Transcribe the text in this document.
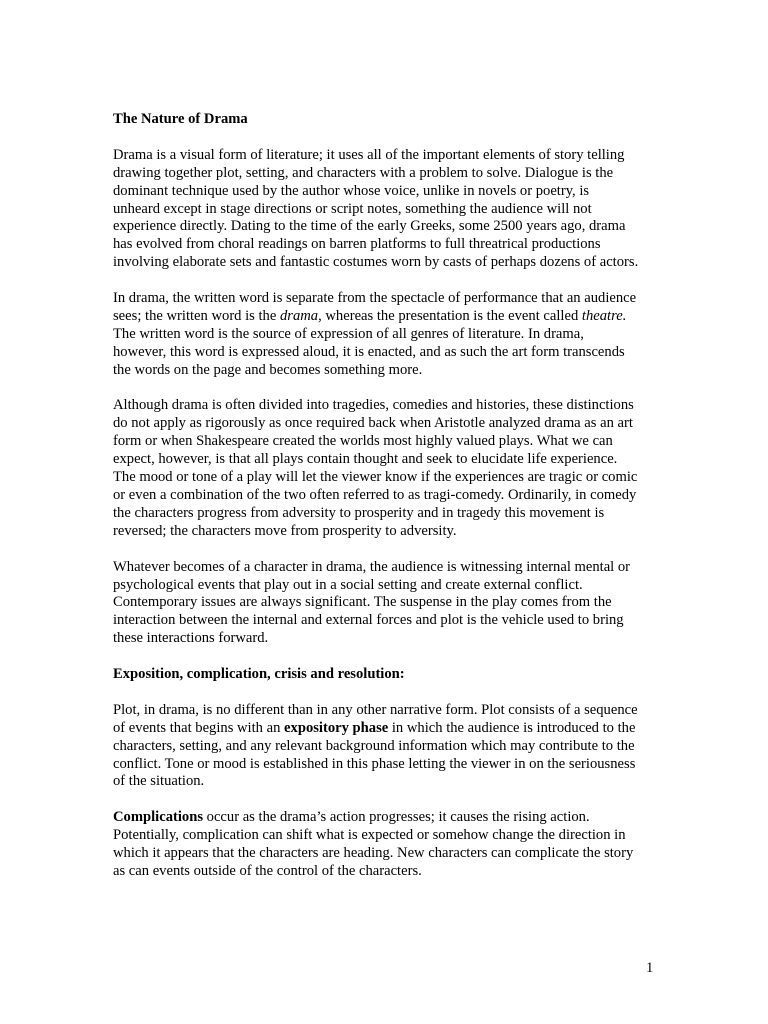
The Nature of Drama

Drama is a visual form of literature; it uses all of the important elements of story telling
drawing together plot, setting, and characters with a problem to solve. Dialogue is the
dominant technique used by the author whose voice, unlike in novels or poetry, is
unheard except in stage directions or script notes, something the audience will not
experience directly. Dating to the time of the early Greeks, some 2500 years ago, drama
has evolved from choral readings on barren platforms to full threatrical productions
involving elaborate sets and fantastic costumes worn by casts of perhaps dozens of actors.

In drama, the written word is separate from the spectacle of performance that an audience
sees; the written word is the drama, whereas the presentation is the event called theatre.
The written word is the source of expression of all genres of literature. In drama,
however, this word is expressed aloud, it is enacted, and as such the art form transcends
the words on the page and becomes something more.

Although drama is often divided into tragedies, comedies and histories, these distinctions
do not apply as rigorously as once required back when Aristotle analyzed drama as an art
form or when Shakespeare created the worlds most highly valued plays. What we can
expect, however, is that all plays contain thought and seek to elucidate life experience.
The mood or tone of a play will let the viewer know if the experiences are tragic or comic
or even a combination of the two often referred to as tragi-comedy. Ordinarily, in comedy
the characters progress from adversity to prosperity and in tragedy this movement is
reversed; the characters move from prosperity to adversity.

Whatever becomes of a character in drama, the audience is witnessing internal mental or
psychological events that play out in a social setting and create external conflict.
Contemporary issues are always significant. The suspense in the play comes from the
interaction between the internal and external forces and plot is the vehicle used to bring
these interactions forward.

Exposition, complication, crisis and resolution:

Plot, in drama, is no different than in any other narrative form. Plot consists of a sequence
of events that begins with an expository phase in which the audience is introduced to the
characters, setting, and any relevant background information which may contribute to the
conflict. Tone or mood is established in this phase letting the viewer in on the seriousness
of the situation.

Complications occur as the drama’s action progresses; it causes the rising action.
Potentially, complication can shift what is expected or somehow change the direction in
which it appears that the characters are heading. New characters can complicate the story
as can events outside of the control of the characters.

1
